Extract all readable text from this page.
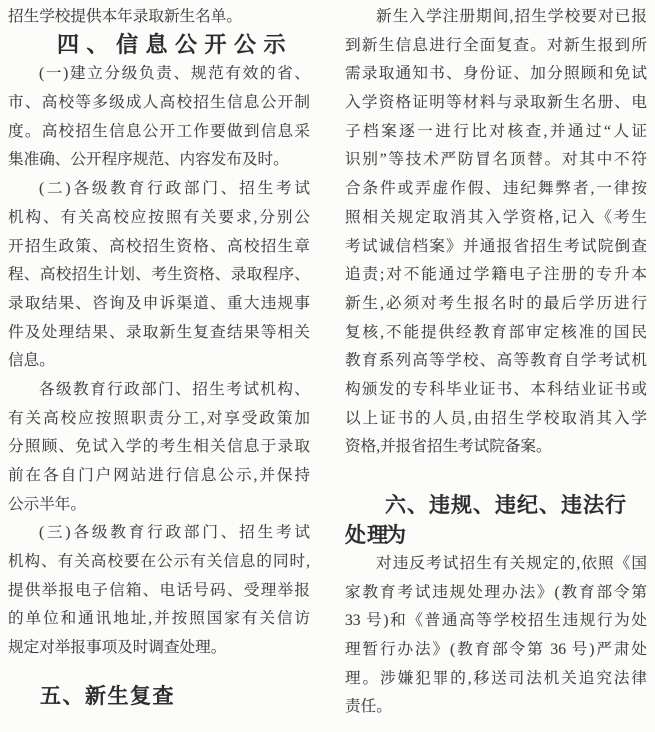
招生学校提供本年录取新生名单。
四、信息公开公示
(一)建立分级负责、规范有效的省、
市、高校等多级成人高校招生信息公开制
度。高校招生信息公开工作要做到信息采
集准确、公开程序规范、内容发布及时。
(二)各级教育行政部门、招生考试
机构、有关高校应按照有关要求,分别公
开招生政策、高校招生资格、高校招生章
程、高校招生计划、考生资格、录取程序、
录取结果、咨询及申诉渠道、重大违规事
件及处理结果、录取新生复查结果等相关
信息。
各级教育行政部门、招生考试机构、
有关高校应按照职责分工,对享受政策加
分照顾、免试入学的考生相关信息于录取
前在各自门户网站进行信息公示,并保持
公示半年。
(三)各级教育行政部门、招生考试
机构、有关高校要在公示有关信息的同时,
提供举报电子信箱、电话号码、受理举报
的单位和通讯地址,并按照国家有关信访
规定对举报事项及时调查处理。
五、新生复查
新生入学注册期间,招生学校要对已报
到新生信息进行全面复查。对新生报到所
需录取通知书、身份证、加分照顾和免试
入学资格证明等材料与录取新生名册、电
子档案逐一进行比对核查,并通过“人证
识别”等技术严防冒名顶替。对其中不符
合条件或弄虚作假、违纪舞弊者,一律按
照相关规定取消其入学资格,记入《考生
考试诚信档案》并通报省招生考试院倒查
追责;对不能通过学籍电子注册的专升本
新生,必须对考生报名时的最后学历进行
复核,不能提供经教育部审定核准的国民
教育系列高等学校、高等教育自学考试机
构颁发的专科毕业证书、本科结业证书或
以上证书的人员,由招生学校取消其入学
资格,并报省招生考试院备案。
六、违规、违纪、违法行为
处理
对违反考试招生有关规定的,依照《国
家教育考试违规处理办法》(教育部令第
33 号)和《普通高等学校招生违规行为处
理暂行办法》(教育部令第 36 号)严肃处
理。涉嫌犯罪的,移送司法机关追究法律
责任。
